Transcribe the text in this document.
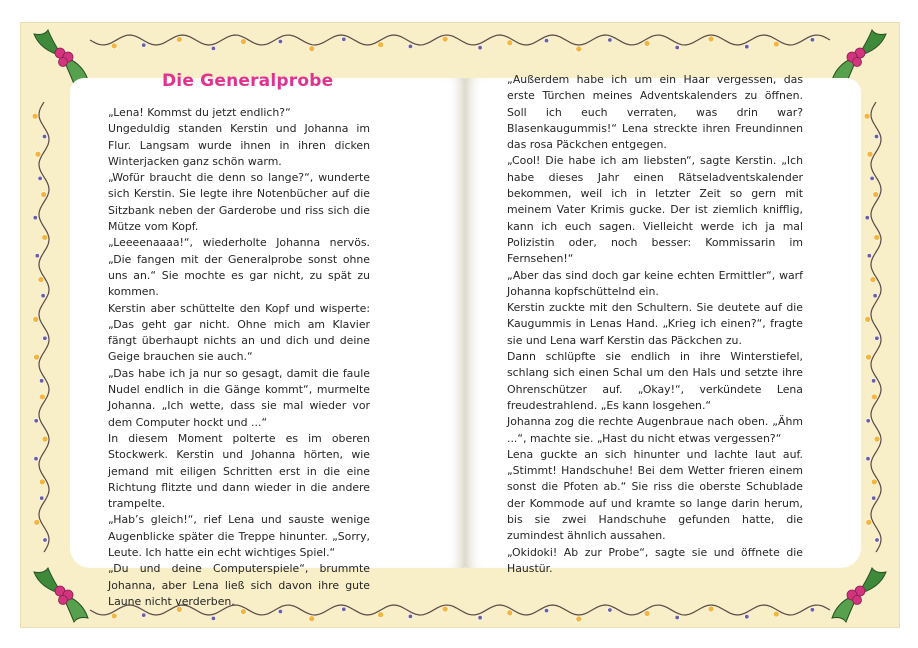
Die Generalprobe

„Lena! Kommst du jetzt endlich?“

Ungeduldig standen Kerstin und Johanna im Flur. Langsam wurde ihnen in ihren dicken Winterjacken ganz schön warm.

„Wofür braucht die denn so lange?“, wunderte sich Kerstin. Sie legte ihre Notenbücher auf die Sitzbank neben der Garderobe und riss sich die Mütze vom Kopf.

„Leeeenaaaa!“, wiederholte Johanna nervös. „Die fangen mit der Generalprobe sonst ohne uns an.“ Sie mochte es gar nicht, zu spät zu kommen.

Kerstin aber schüttelte den Kopf und wisperte: „Das geht gar nicht. Ohne mich am Klavier fängt überhaupt nichts an und dich und deine Geige brauchen sie auch.“

„Das habe ich ja nur so gesagt, damit die faule Nudel endlich in die Gänge kommt“, murmelte Johanna. „Ich wette, dass sie mal wieder vor dem Computer hockt und ...“

In diesem Moment polterte es im oberen Stockwerk. Kerstin und Johanna hörten, wie jemand mit eiligen Schritten erst in die eine Richtung flitzte und dann wieder in die andere trampelte.

„Hab’s gleich!“, rief Lena und sauste wenige Augenblicke später die Treppe hinunter. „Sorry, Leute. Ich hatte ein echt wichtiges Spiel.“

„Du und deine Computerspiele“, brummte Johanna, aber Lena ließ sich davon ihre gute Laune nicht verderben.

„Außerdem habe ich um ein Haar vergessen, das erste Türchen meines Adventskalenders zu öffnen. Soll ich euch verraten, was drin war? Blasenkaugummis!“ Lena streckte ihren Freundinnen das rosa Päckchen entgegen.

„Cool! Die habe ich am liebsten“, sagte Kerstin. „Ich habe dieses Jahr einen Rätseladventskalender bekommen, weil ich in letzter Zeit so gern mit meinem Vater Krimis gucke. Der ist ziemlich knifflig, kann ich euch sagen. Vielleicht werde ich ja mal Polizistin oder, noch besser: Kommissarin im Fernsehen!“

„Aber das sind doch gar keine echten Ermittler“, warf Johanna kopfschüttelnd ein.

Kerstin zuckte mit den Schultern. Sie deutete auf die Kaugummis in Lenas Hand. „Krieg ich einen?“, fragte sie und Lena warf Kerstin das Päckchen zu.

Dann schlüpfte sie endlich in ihre Winterstiefel, schlang sich einen Schal um den Hals und setzte ihre Ohrenschützer auf. „Okay!“, verkündete Lena freudestrahlend. „Es kann losgehen.“

Johanna zog die rechte Augenbraue nach oben. „Ähm ...“, machte sie. „Hast du nicht etwas vergessen?“

Lena guckte an sich hinunter und lachte laut auf. „Stimmt! Handschuhe! Bei dem Wetter frieren einem sonst die Pfoten ab.“ Sie riss die oberste Schublade der Kommode auf und kramte so lange darin herum, bis sie zwei Handschuhe gefunden hatte, die zumindest ähnlich aussahen.

„Okidoki! Ab zur Probe“, sagte sie und öffnete die Haustür.
